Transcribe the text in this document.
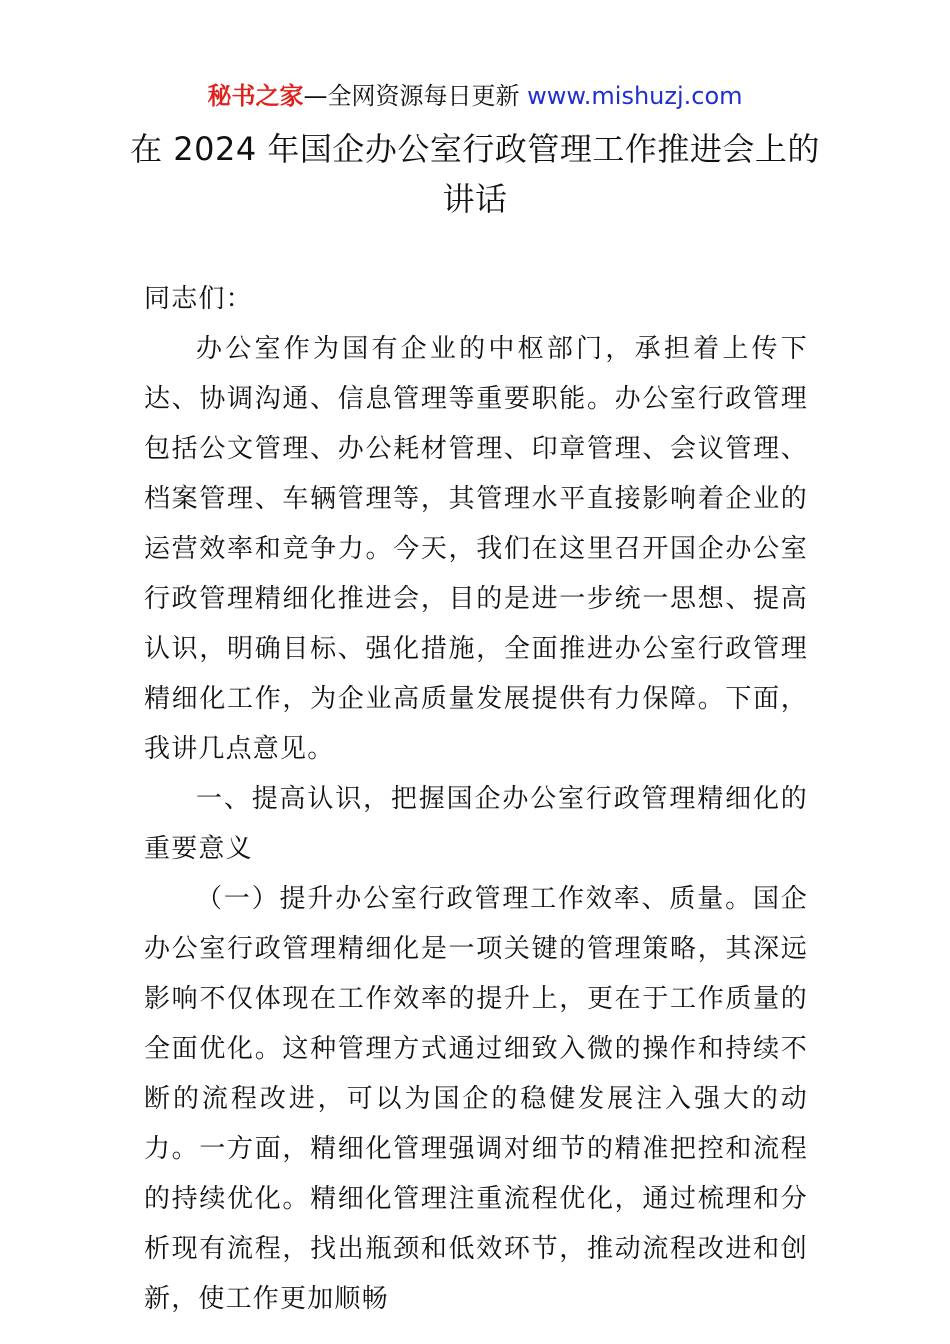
秘书之家—全网资源每日更新 www.mishuzj.com
在 2024 年国企办公室行政管理工作推进会上的讲话

同志们：

办公室作为国有企业的中枢部门，承担着上传下达、协调沟通、信息管理等重要职能。办公室行政管理包括公文管理、办公耗材管理、印章管理、会议管理、档案管理、车辆管理等，其管理水平直接影响着企业的运营效率和竞争力。今天，我们在这里召开国企办公室行政管理精细化推进会，目的是进一步统一思想、提高认识，明确目标、强化措施，全面推进办公室行政管理精细化工作，为企业高质量发展提供有力保障。下面，我讲几点意见。

一、提高认识，把握国企办公室行政管理精细化的重要意义

（一）提升办公室行政管理工作效率、质量。国企办公室行政管理精细化是一项关键的管理策略，其深远影响不仅体现在工作效率的提升上，更在于工作质量的全面优化。这种管理方式通过细致入微的操作和持续不断的流程改进，可以为国企的稳健发展注入强大的动力。一方面，精细化管理强调对细节的精准把控和流程的持续优化。精细化管理注重流程优化，通过梳理和分析现有流程，找出瓶颈和低效环节，推动流程改进和创新，使工作更加顺畅
